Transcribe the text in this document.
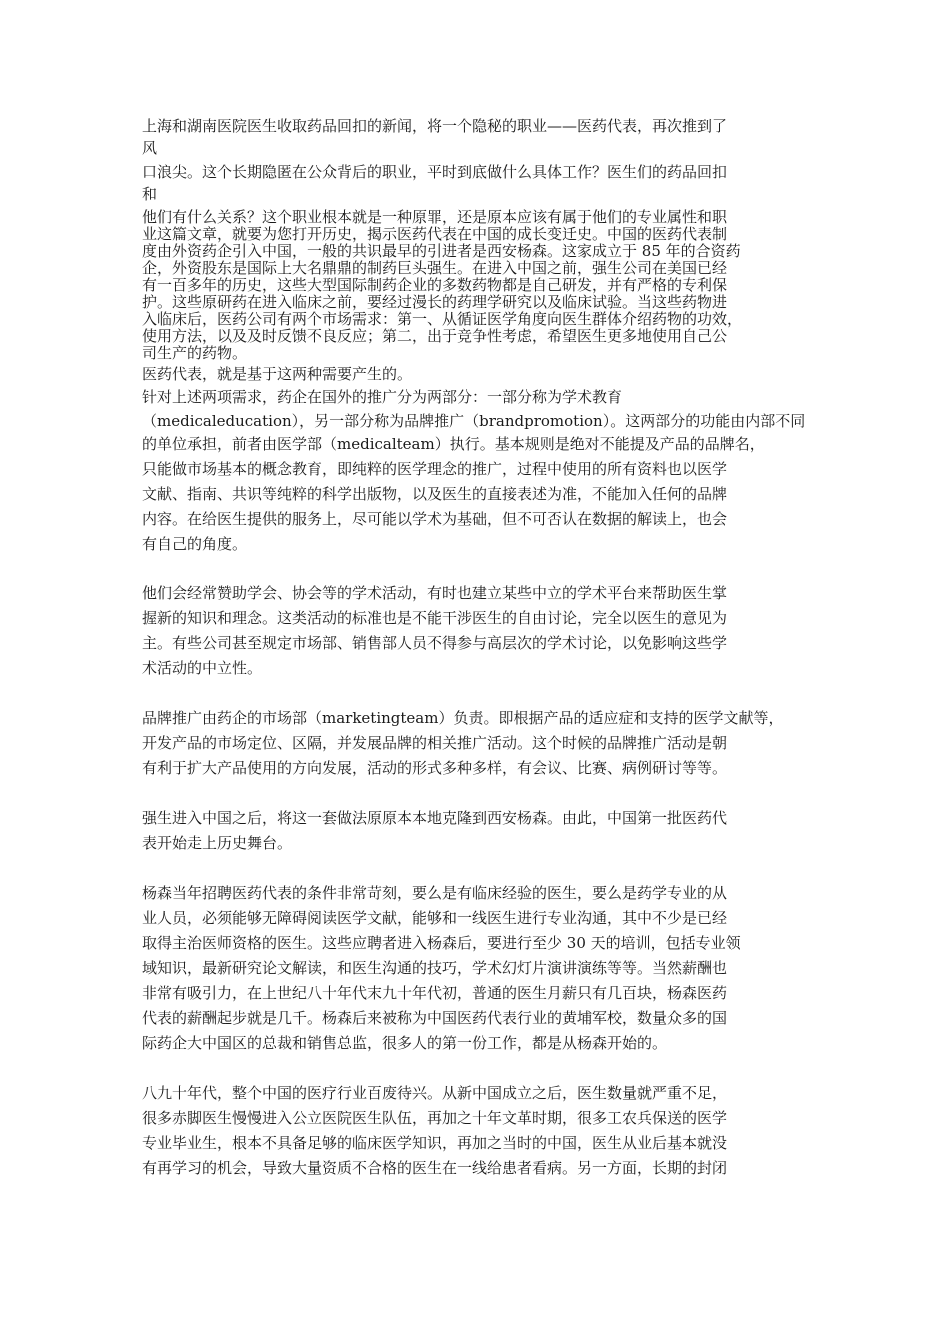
上海和湖南医院医生收取药品回扣的新闻，将一个隐秘的职业——医药代表，再次推到了
风
口浪尖。这个长期隐匿在公众背后的职业，平时到底做什么具体工作？医生们的药品回扣
和
他们有什么关系？这个职业根本就是一种原罪，还是原本应该有属于他们的专业属性和职
业这篇文章，就要为您打开历史，揭示医药代表在中国的成长变迁史。中国的医药代表制
度由外资药企引入中国，一般的共识最早的引进者是西安杨森。这家成立于 85 年的合资药
企，外资股东是国际上大名鼎鼎的制药巨头强生。在进入中国之前，强生公司在美国已经
有一百多年的历史，这些大型国际制药企业的多数药物都是自己研发，并有严格的专利保
护。这些原研药在进入临床之前，要经过漫长的药理学研究以及临床试验。当这些药物进
入临床后，医药公司有两个市场需求：第一、从循证医学角度向医生群体介绍药物的功效，
使用方法，以及及时反馈不良反应；第二，出于竞争性考虑，希望医生更多地使用自己公
司生产的药物。
医药代表，就是基于这两种需要产生的。
针对上述两项需求，药企在国外的推广分为两部分：一部分称为学术教育
（medicaleducation），另一部分称为品牌推广（brandpromotion）。这两部分的功能由内部不同
的单位承担，前者由医学部（medicalteam）执行。基本规则是绝对不能提及产品的品牌名，
只能做市场基本的概念教育，即纯粹的医学理念的推广，过程中使用的所有资料也以医学
文献、指南、共识等纯粹的科学出版物，以及医生的直接表述为准，不能加入任何的品牌
内容。在给医生提供的服务上，尽可能以学术为基础，但不可否认在数据的解读上，也会
有自己的角度。
他们会经常赞助学会、协会等的学术活动，有时也建立某些中立的学术平台来帮助医生掌
握新的知识和理念。这类活动的标准也是不能干涉医生的自由讨论，完全以医生的意见为
主。有些公司甚至规定市场部、销售部人员不得参与高层次的学术讨论，以免影响这些学
术活动的中立性。
品牌推广由药企的市场部（marketingteam）负责。即根据产品的适应症和支持的医学文献等，
开发产品的市场定位、区隔，并发展品牌的相关推广活动。这个时候的品牌推广活动是朝
有利于扩大产品使用的方向发展，活动的形式多种多样，有会议、比赛、病例研讨等等。
强生进入中国之后，将这一套做法原原本本地克隆到西安杨森。由此，中国第一批医药代
表开始走上历史舞台。
杨森当年招聘医药代表的条件非常苛刻，要么是有临床经验的医生，要么是药学专业的从
业人员，必须能够无障碍阅读医学文献，能够和一线医生进行专业沟通，其中不少是已经
取得主治医师资格的医生。这些应聘者进入杨森后，要进行至少 30 天的培训，包括专业领
域知识，最新研究论文解读，和医生沟通的技巧，学术幻灯片演讲演练等等。当然薪酬也
非常有吸引力，在上世纪八十年代末九十年代初，普通的医生月薪只有几百块，杨森医药
代表的薪酬起步就是几千。杨森后来被称为中国医药代表行业的黄埔军校，数量众多的国
际药企大中国区的总裁和销售总监，很多人的第一份工作，都是从杨森开始的。
八九十年代，整个中国的医疗行业百废待兴。从新中国成立之后，医生数量就严重不足，
很多赤脚医生慢慢进入公立医院医生队伍，再加之十年文革时期，很多工农兵保送的医学
专业毕业生，根本不具备足够的临床医学知识，再加之当时的中国，医生从业后基本就没
有再学习的机会，导致大量资质不合格的医生在一线给患者看病。另一方面，长期的封闭
